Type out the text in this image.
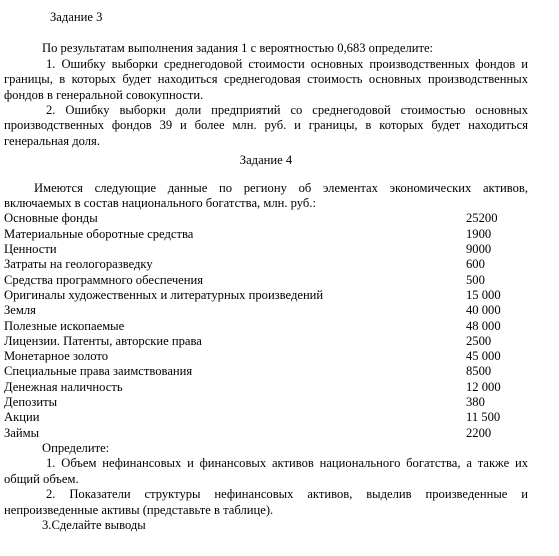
Задание 3

По результатам выполнения задания 1 с вероятностью 0,683 определите:

1. Ошибку выборки среднегодовой стоимости основных производственных фондов и границы, в которых будет находиться среднегодовая стоимость основных производственных фондов в генеральной совокупности.

2. Ошибку выборки доли предприятий со среднегодовой стоимостью основных производственных фондов 39 и более млн. руб. и границы, в которых будет находиться генеральная доля.

Задание 4

Имеются следующие данные по региону об элементах экономических активов, включаемых в состав национального богатства, млн. руб.:

Основные фонды	25200
Материальные оборотные средства	1900
Ценности	9000
Затраты на геологоразведку	600
Средства программного обеспечения	500
Оригиналы художественных и литературных произведений	15 000
Земля	40 000
Полезные ископаемые	48 000
Лицензии. Патенты, авторские права	2500
Монетарное золото	45 000
Специальные права заимствования	8500
Денежная наличность	12 000
Депозиты	380
Акции	11 500
Займы	2200

Определите:

1. Объем нефинансовых и финансовых активов национального богатства, а также их общий объем.

2. Показатели структуры нефинансовых активов, выделив произведенные и непроизведенные активы (представьте в таблице).

3.Сделайте выводы
